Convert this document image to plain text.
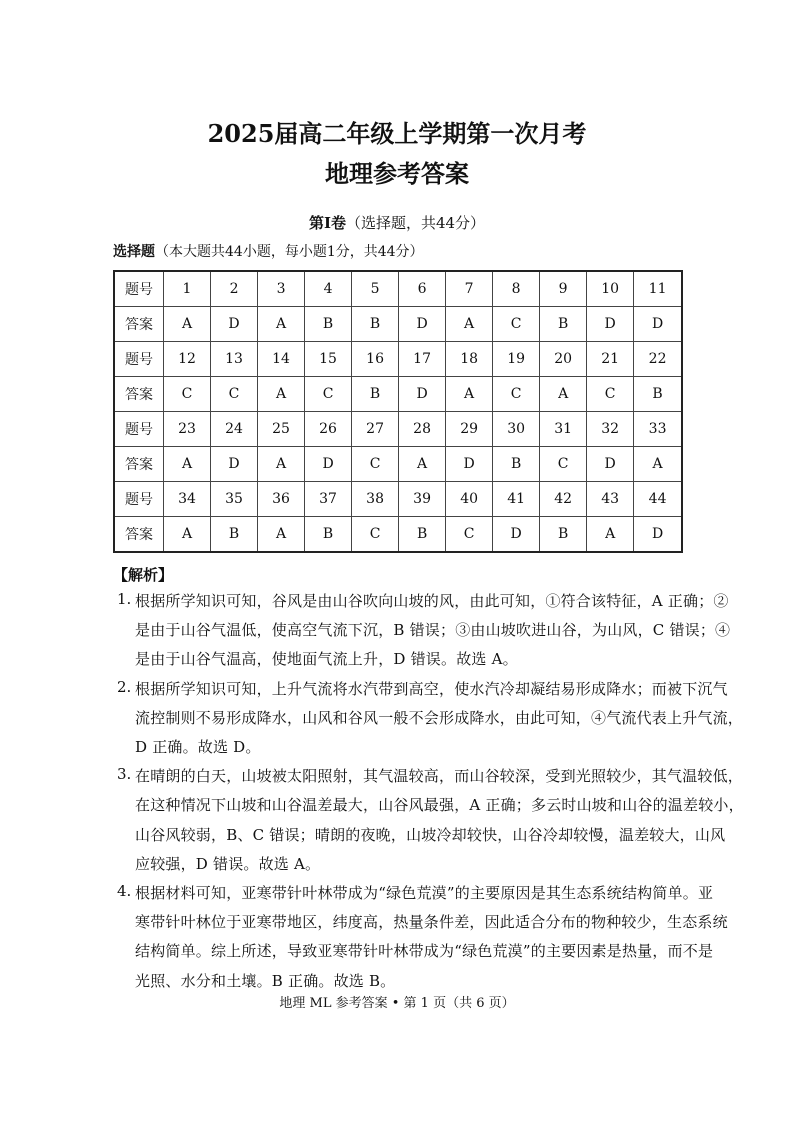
2025届高二年级上学期第一次月考
地理参考答案
第Ⅰ卷（选择题，共44分）
选择题（本大题共44小题，每小题1分，共44分）
题号	1	2	3	4	5	6	7	8	9	10	11
答案	A	D	A	B	B	D	A	C	B	D	D
题号	12	13	14	15	16	17	18	19	20	21	22
答案	C	C	A	C	B	D	A	C	A	C	B
题号	23	24	25	26	27	28	29	30	31	32	33
答案	A	D	A	D	C	A	D	B	C	D	A
题号	34	35	36	37	38	39	40	41	42	43	44
答案	A	B	A	B	C	B	C	D	B	A	D
【解析】
1. 根据所学知识可知，谷风是由山谷吹向山坡的风，由此可知，①符合该特征，A 正确；②
是由于山谷气温低，使高空气流下沉，B 错误；③由山坡吹进山谷，为山风，C 错误；④
是由于山谷气温高，使地面气流上升，D 错误。故选 A。
2. 根据所学知识可知，上升气流将水汽带到高空，使水汽冷却凝结易形成降水；而被下沉气
流控制则不易形成降水，山风和谷风一般不会形成降水，由此可知，④气流代表上升气流，
D 正确。故选 D。
3. 在晴朗的白天，山坡被太阳照射，其气温较高，而山谷较深，受到光照较少，其气温较低，
在这种情况下山坡和山谷温差最大，山谷风最强，A 正确；多云时山坡和山谷的温差较小，
山谷风较弱，B、C 错误；晴朗的夜晚，山坡冷却较快，山谷冷却较慢，温差较大，山风
应较强，D 错误。故选 A。
4. 根据材料可知，亚寒带针叶林带成为“绿色荒漠”的主要原因是其生态系统结构简单。亚
寒带针叶林位于亚寒带地区，纬度高，热量条件差，因此适合分布的物种较少，生态系统
结构简单。综上所述，导致亚寒带针叶林带成为“绿色荒漠”的主要因素是热量，而不是
光照、水分和土壤。B 正确。故选 B。
地理 ML 参考答案 • 第 1 页（共 6 页）
